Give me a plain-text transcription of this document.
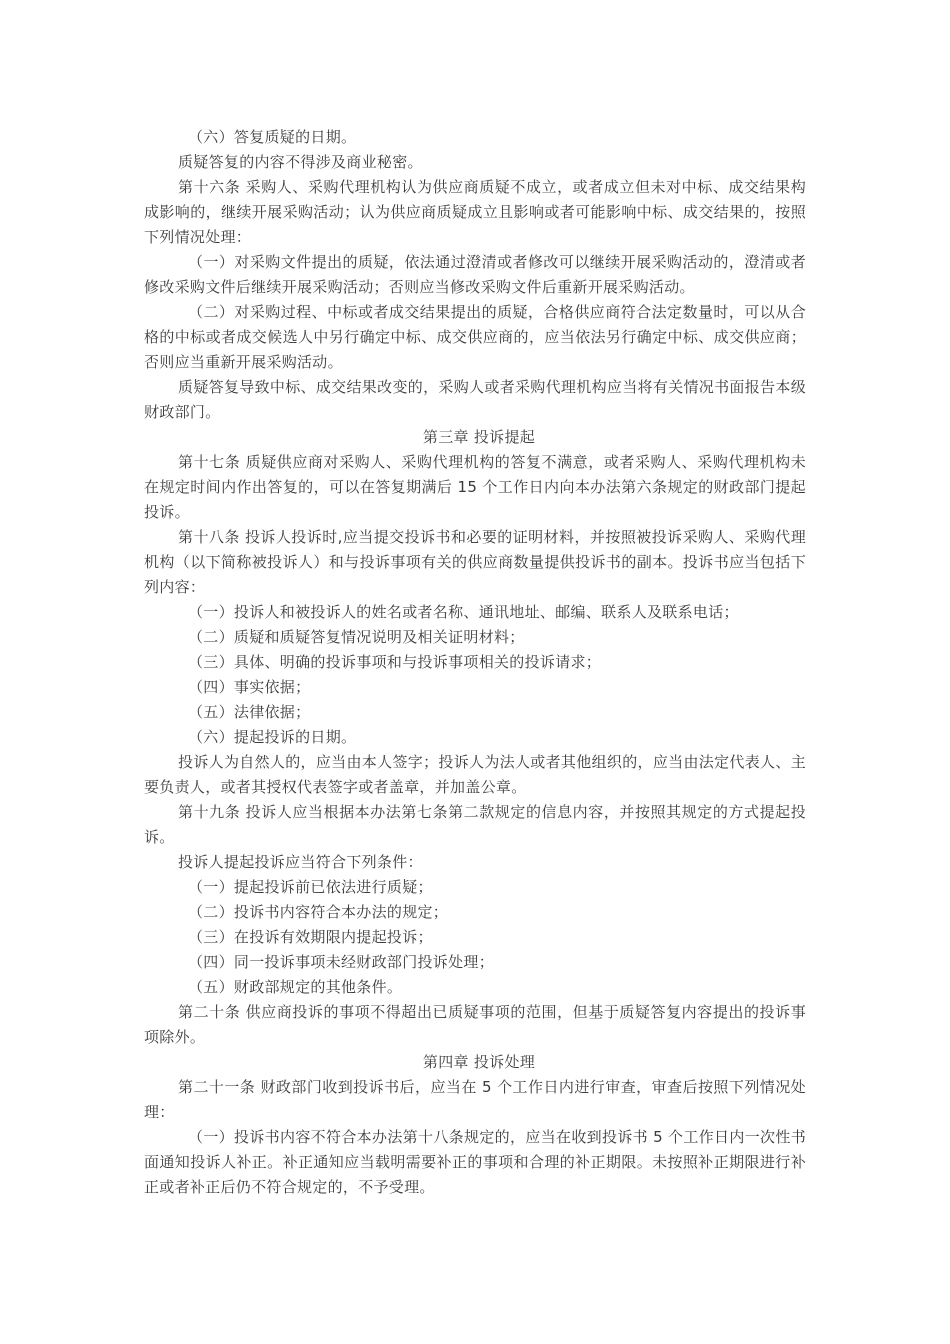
（六）答复质疑的日期。

质疑答复的内容不得涉及商业秘密。

第十六条 采购人、采购代理机构认为供应商质疑不成立，或者成立但未对中标、成交结果构成影响的，继续开展采购活动；认为供应商质疑成立且影响或者可能影响中标、成交结果的，按照下列情况处理：

（一）对采购文件提出的质疑，依法通过澄清或者修改可以继续开展采购活动的，澄清或者修改采购文件后继续开展采购活动；否则应当修改采购文件后重新开展采购活动。

（二）对采购过程、中标或者成交结果提出的质疑，合格供应商符合法定数量时，可以从合格的中标或者成交候选人中另行确定中标、成交供应商的，应当依法另行确定中标、成交供应商；否则应当重新开展采购活动。

质疑答复导致中标、成交结果改变的，采购人或者采购代理机构应当将有关情况书面报告本级财政部门。

第三章 投诉提起

第十七条 质疑供应商对采购人、采购代理机构的答复不满意，或者采购人、采购代理机构未在规定时间内作出答复的，可以在答复期满后 15 个工作日内向本办法第六条规定的财政部门提起投诉。

第十八条 投诉人投诉时,应当提交投诉书和必要的证明材料，并按照被投诉采购人、采购代理机构（以下简称被投诉人）和与投诉事项有关的供应商数量提供投诉书的副本。投诉书应当包括下列内容：

（一）投诉人和被投诉人的姓名或者名称、通讯地址、邮编、联系人及联系电话；

（二）质疑和质疑答复情况说明及相关证明材料；

（三）具体、明确的投诉事项和与投诉事项相关的投诉请求；

（四）事实依据；

（五）法律依据；

（六）提起投诉的日期。

投诉人为自然人的，应当由本人签字；投诉人为法人或者其他组织的，应当由法定代表人、主要负责人，或者其授权代表签字或者盖章，并加盖公章。

第十九条 投诉人应当根据本办法第七条第二款规定的信息内容，并按照其规定的方式提起投诉。

投诉人提起投诉应当符合下列条件：

（一）提起投诉前已依法进行质疑；

（二）投诉书内容符合本办法的规定；

（三）在投诉有效期限内提起投诉；

（四）同一投诉事项未经财政部门投诉处理；

（五）财政部规定的其他条件。

第二十条 供应商投诉的事项不得超出已质疑事项的范围，但基于质疑答复内容提出的投诉事项除外。

第四章 投诉处理

第二十一条 财政部门收到投诉书后，应当在 5 个工作日内进行审查，审查后按照下列情况处理：

（一）投诉书内容不符合本办法第十八条规定的，应当在收到投诉书 5 个工作日内一次性书面通知投诉人补正。补正通知应当载明需要补正的事项和合理的补正期限。未按照补正期限进行补正或者补正后仍不符合规定的，不予受理。
